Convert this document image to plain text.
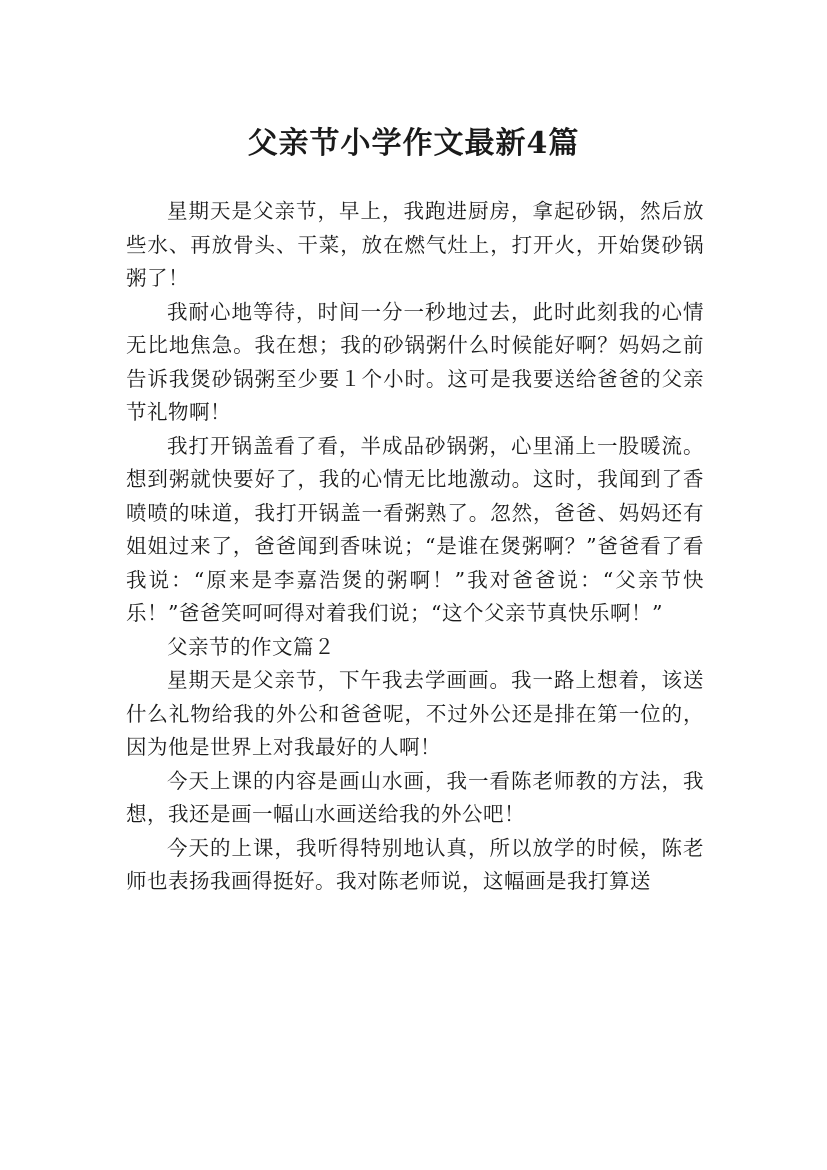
父亲节小学作文最新4篇

星期天是父亲节，早上，我跑进厨房，拿起砂锅，然后放些水、再放骨头、干菜，放在燃气灶上，打开火，开始煲砂锅粥了！

我耐心地等待，时间一分一秒地过去，此时此刻我的心情无比地焦急。我在想；我的砂锅粥什么时候能好啊？妈妈之前告诉我煲砂锅粥至少要１个小时。这可是我要送给爸爸的父亲节礼物啊！

我打开锅盖看了看，半成品砂锅粥，心里涌上一股暖流。想到粥就快要好了，我的心情无比地激动。这时，我闻到了香喷喷的味道，我打开锅盖一看粥熟了。忽然，爸爸、妈妈还有姐姐过来了，爸爸闻到香味说；“是谁在煲粥啊？”爸爸看了看我说：“原来是李嘉浩煲的粥啊！”我对爸爸说：“父亲节快乐！”爸爸笑呵呵得对着我们说；“这个父亲节真快乐啊！”

父亲节的作文篇２

星期天是父亲节，下午我去学画画。我一路上想着，该送什么礼物给我的外公和爸爸呢，不过外公还是排在第一位的，因为他是世界上对我最好的人啊！

今天上课的内容是画山水画，我一看陈老师教的方法，我想，我还是画一幅山水画送给我的外公吧！

今天的上课，我听得特别地认真，所以放学的时候，陈老师也表扬我画得挺好。我对陈老师说，这幅画是我打算送
